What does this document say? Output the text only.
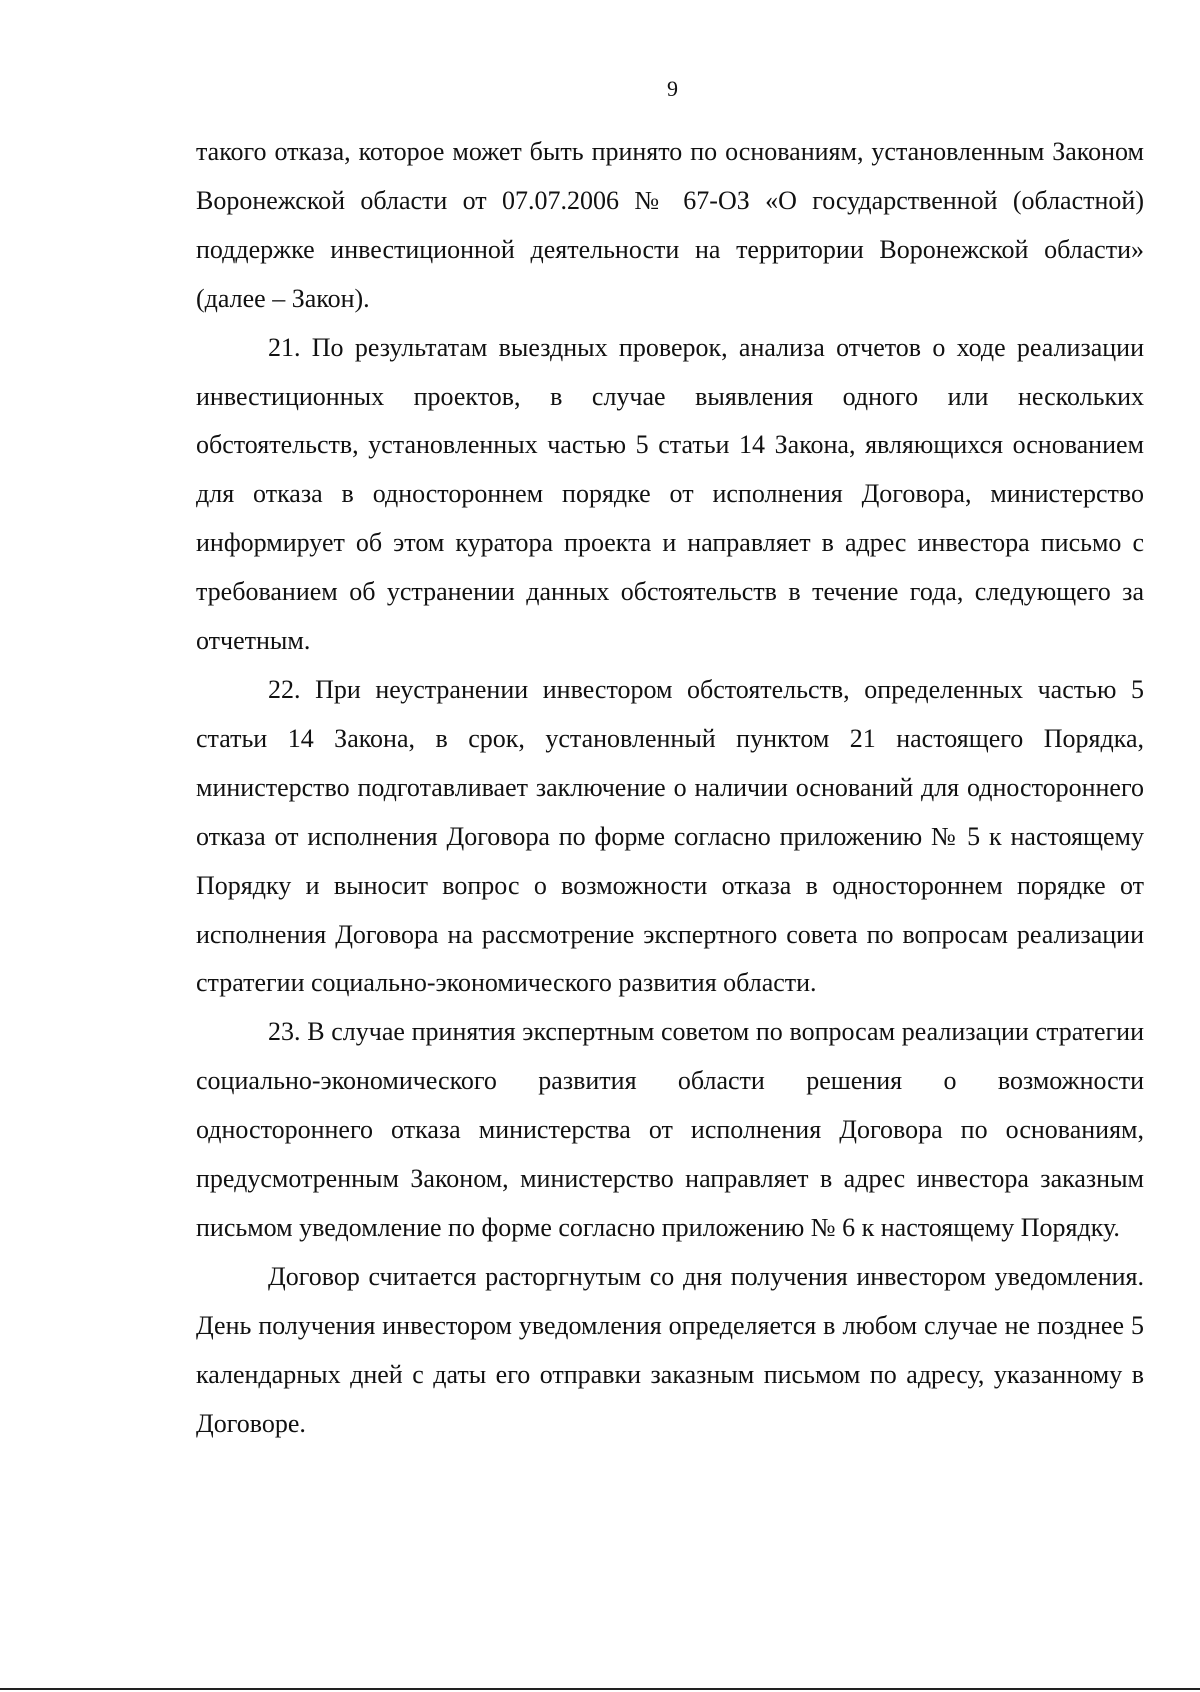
9

такого отказа, которое может быть принято по основаниям, установленным Законом Воронежской области от 07.07.2006 № 67-ОЗ «О государственной (областной) поддержке инвестиционной деятельности на территории Воронежской области» (далее – Закон).

21. По результатам выездных проверок, анализа отчетов о ходе реализации инвестиционных проектов, в случае выявления одного или нескольких обстоятельств, установленных частью 5 статьи 14 Закона, являющихся основанием для отказа в одностороннем порядке от исполнения Договора, министерство информирует об этом куратора проекта и направляет в адрес инвестора письмо с требованием об устранении данных обстоятельств в течение года, следующего за отчетным.

22. При неустранении инвестором обстоятельств, определенных частью 5 статьи 14 Закона, в срок, установленный пунктом 21 настоящего Порядка, министерство подготавливает заключение о наличии оснований для одностороннего отказа от исполнения Договора по форме согласно приложению № 5 к настоящему Порядку и выносит вопрос о возможности отказа в одностороннем порядке от исполнения Договора на рассмотрение экспертного совета по вопросам реализации стратегии социально-экономического развития области.

23. В случае принятия экспертным советом по вопросам реализации стратегии социально-экономического развития области решения о возможности одностороннего отказа министерства от исполнения Договора по основаниям, предусмотренным Законом, министерство направляет в адрес инвестора заказным письмом уведомление по форме согласно приложению № 6 к настоящему Порядку.

Договор считается расторгнутым со дня получения инвестором уведомления. День получения инвестором уведомления определяется в любом случае не позднее 5 календарных дней с даты его отправки заказным письмом по адресу, указанному в Договоре.
